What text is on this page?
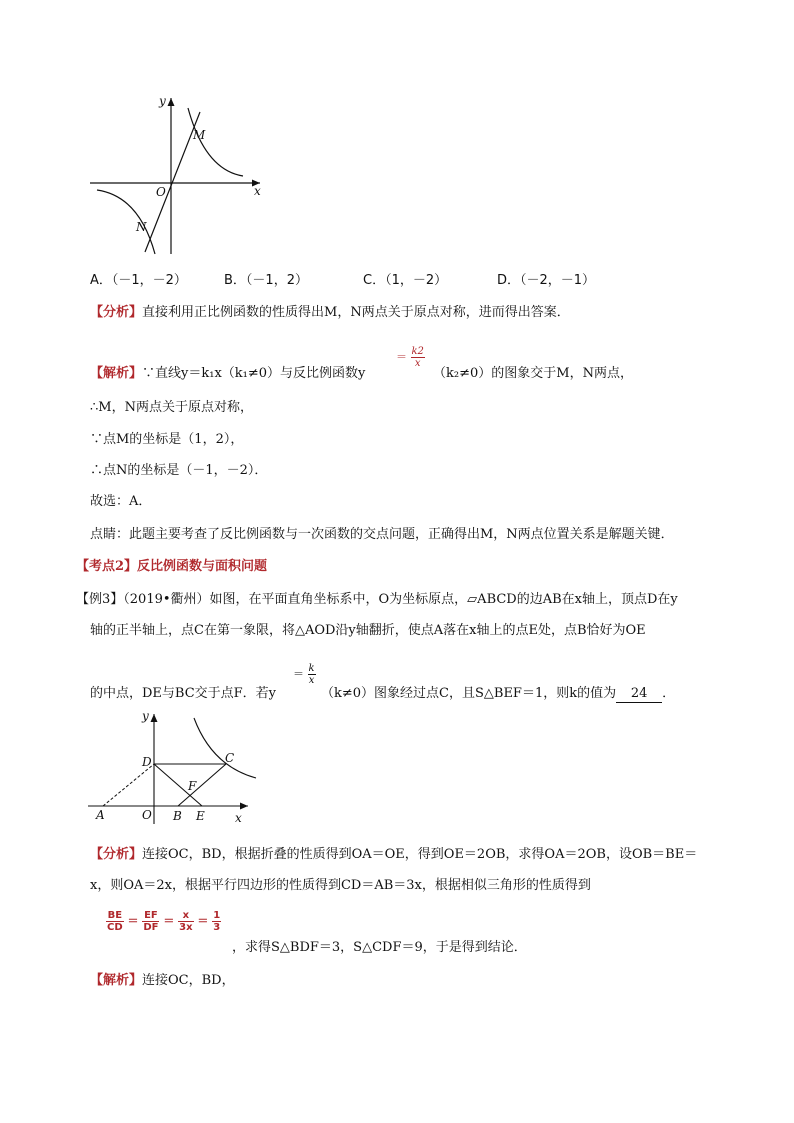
y
x
O
M
N
A．（－1，－2）	B．（－1，2）	C．（1，－2）	D．（－2，－1）
【分析】直接利用正比例函数的性质得出M，N两点关于原点对称，进而得出答案．
【解析】∵直线y＝k₁x（k₁≠0）与反比例函数y
＝ $\frac{k2}{x}$
（k₂≠0）的图象交于M，N两点，
∴M，N两点关于原点对称，
∵点M的坐标是（1，2），
∴点N的坐标是（－1，－2）．
故选：A．
点睛：此题主要考查了反比例函数与一次函数的交点问题，正确得出M，N两点位置关系是解题关键．
【考点2】反比例函数与面积问题
【例3】（2019•衢州）如图，在平面直角坐标系中，O为坐标原点，▱ABCD的边AB在x轴上，顶点D在y
轴的正半轴上，点C在第一象限，将△AOD沿y轴翻折，使点A落在x轴上的点E处，点B恰好为OE
的中点，DE与BC交于点F．若y
＝ $\frac{k}{x}$
（k≠0）图象经过点C，且S△BEF＝1，则k的值为 24 ．
y
x
D	C
F
A	O B E
【分析】连接OC，BD，根据折叠的性质得到OA＝OE，得到OE＝2OB，求得OA＝2OB，设OB＝BE＝
x，则OA＝2x，根据平行四边形的性质得到CD＝AB＝3x，根据相似三角形的性质得到
$\frac{BE}{CD} = \frac{EF}{DF} = \frac{x}{3x} = \frac{1}{3}$
，求得S△BDF＝3，S△CDF＝9，于是得到结论．
【解析】连接OC，BD，
